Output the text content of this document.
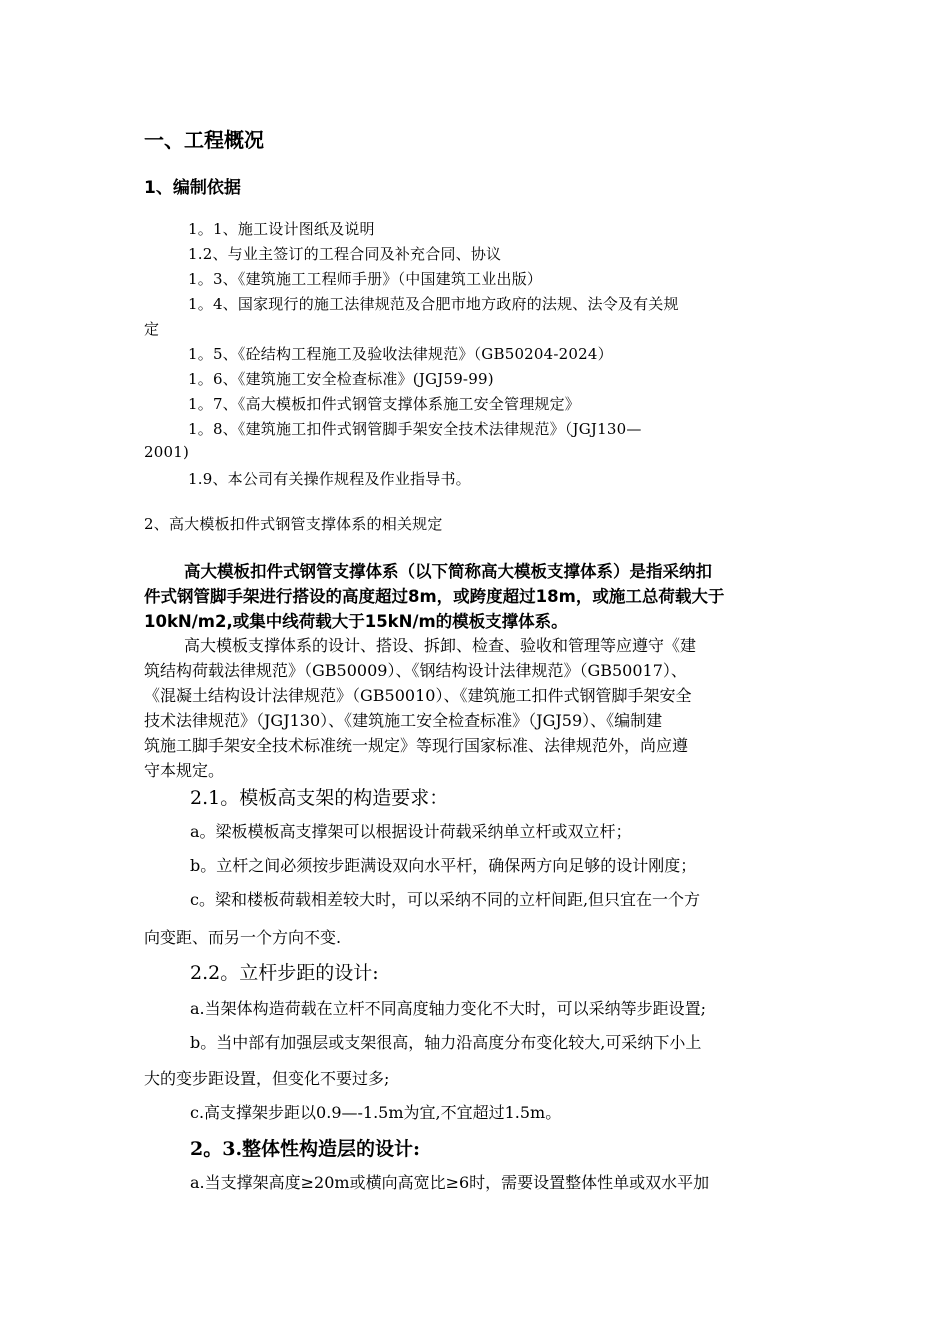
一、工程概况
1、编制依据
1。1、施工设计图纸及说明
1.2、与业主签订的工程合同及补充合同、协议
1。3、《建筑施工工程师手册》（中国建筑工业出版）
1。4、国家现行的施工法律规范及合肥市地方政府的法规、法令及有关规
定
1。5、《砼结构工程施工及验收法律规范》（GB50204-2024）
1。6、《建筑施工安全检查标准》(JGJ59-99)
1。7、《高大模板扣件式钢管支撑体系施工安全管理规定》
1。8、《建筑施工扣件式钢管脚手架安全技术法律规范》（JGJ130—
2001)
1.9、本公司有关操作规程及作业指导书。
2、高大模板扣件式钢管支撑体系的相关规定
高大模板扣件式钢管支撑体系（以下简称高大模板支撑体系）是指采纳扣
件式钢管脚手架进行搭设的高度超过8m，或跨度超过18m，或施工总荷载大于
10kN/m2,或集中线荷载大于15kN/m的模板支撑体系。
高大模板支撑体系的设计、搭设、拆卸、检查、验收和管理等应遵守《建
筑结构荷载法律规范》（GB50009）、《钢结构设计法律规范》（GB50017）、
《混凝土结构设计法律规范》（GB50010）、《建筑施工扣件式钢管脚手架安全
技术法律规范》（JGJ130）、《建筑施工安全检查标准》（JGJ59）、《编制建
筑施工脚手架安全技术标准统一规定》等现行国家标准、法律规范外，尚应遵
守本规定。
2.1。模板高支架的构造要求：
a。梁板模板高支撑架可以根据设计荷载采纳单立杆或双立杆；
b。立杆之间必须按步距满设双向水平杆，确保两方向足够的设计刚度；
c。梁和楼板荷载相差较大时，可以采纳不同的立杆间距,但只宜在一个方
向变距、而另一个方向不变.
2.2。立杆步距的设计:
a.当架体构造荷载在立杆不同高度轴力变化不大时，可以采纳等步距设置;
b。当中部有加强层或支架很高，轴力沿高度分布变化较大,可采纳下小上
大的变步距设置，但变化不要过多;
c.高支撑架步距以0.9—-1.5m为宜,不宜超过1.5m。
2。3.整体性构造层的设计:
a.当支撑架高度≥20m或横向高宽比≥6时，需要设置整体性单或双水平加
